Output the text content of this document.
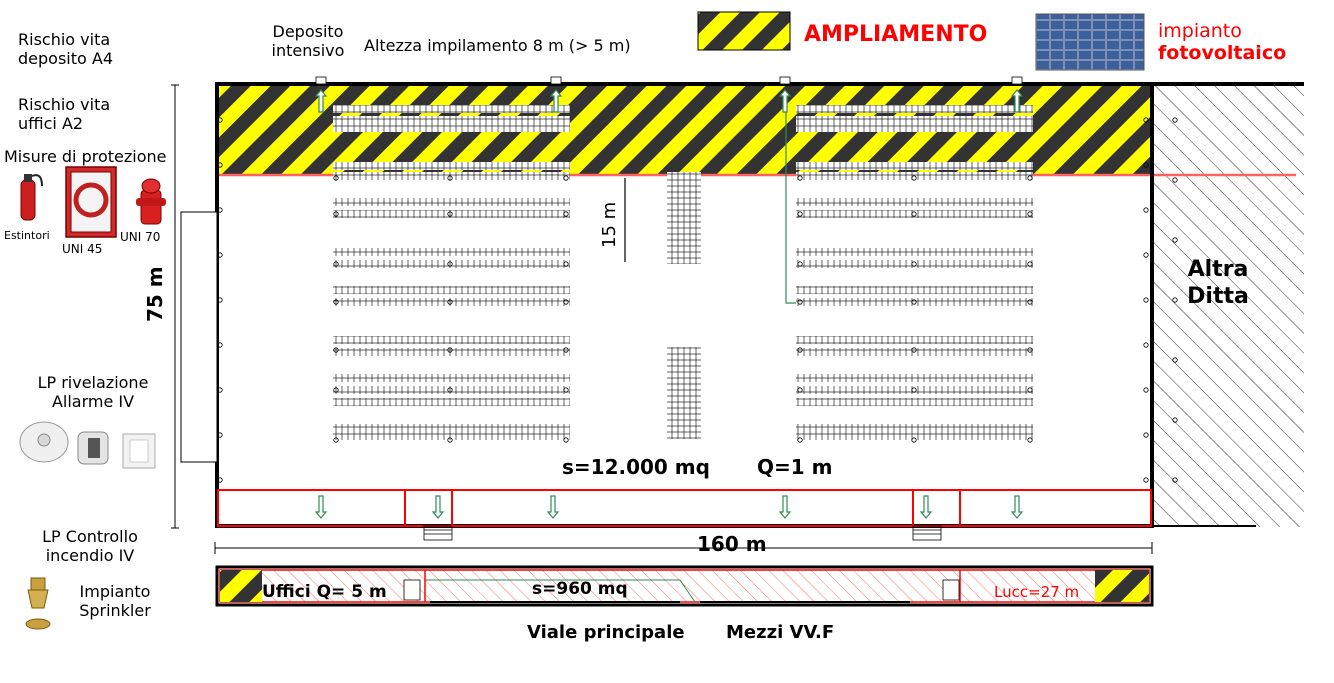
Rischio vita
deposito A4
Rischio vita
uffici A2
Misure di protezione
Estintori
UNI 45
UNI 70
LP rivelazione
Allarme IV
LP Controllo
incendio IV
Impianto
Sprinkler
Deposito
intensivo	Altezza impilamento 8 m (> 5 m)	AMPLIAMENTO	impianto
fotovoltaico
75 m
160 m
15 m
s=12.000 mq Q=1 m
Altra
Ditta
Uffici Q= 5 m	s=960 mq	Lucc=27 m
Viale principale Mezzi VV.F
